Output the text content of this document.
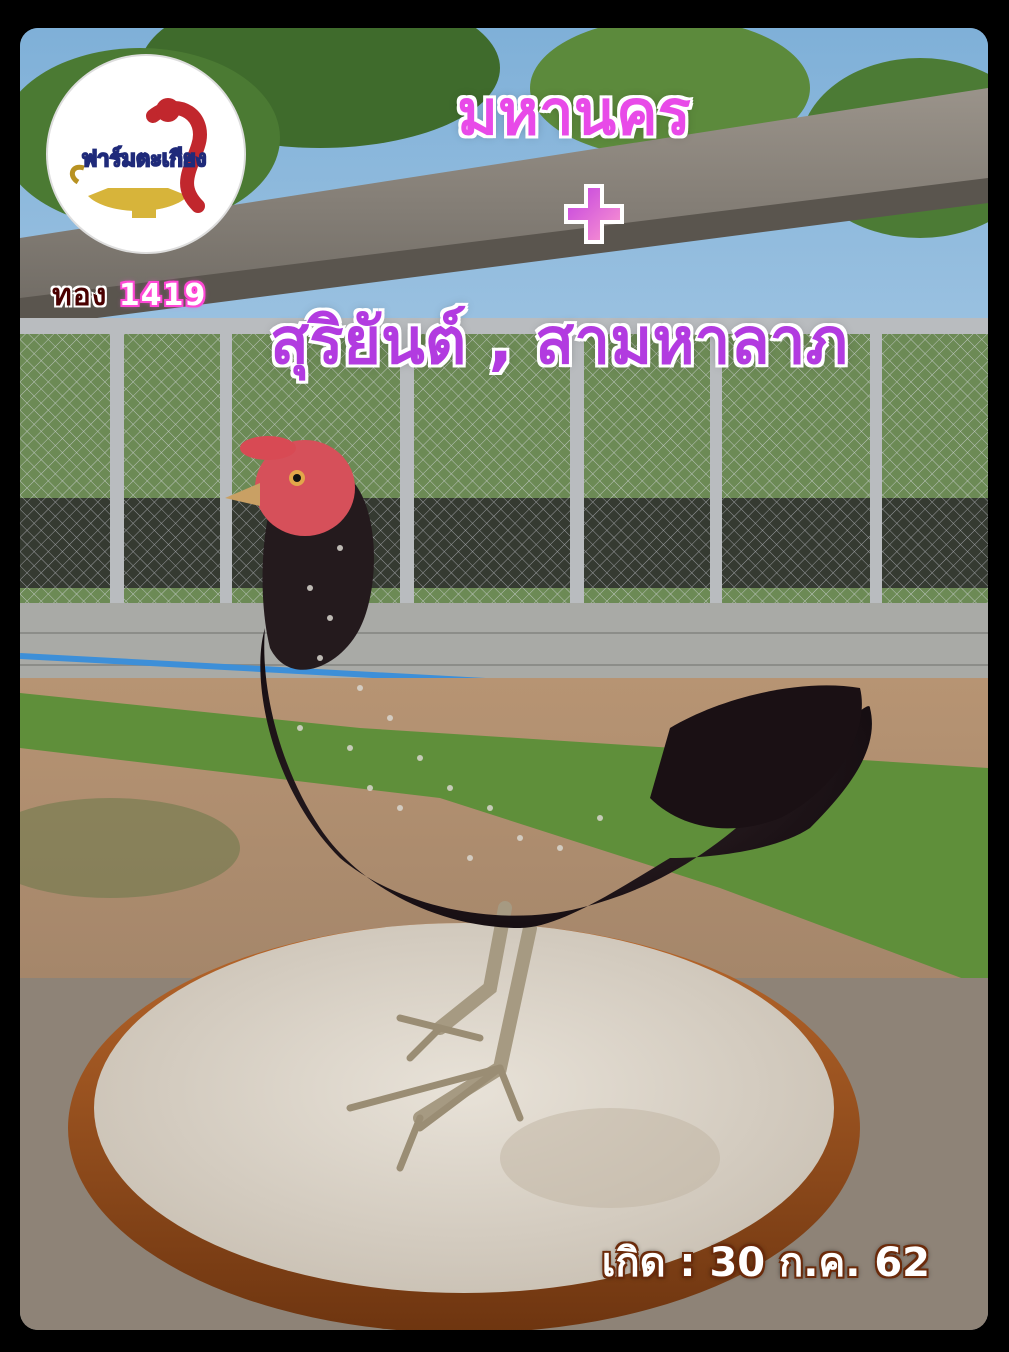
ฟาร์มตะเกียง
ทอง 1419
มหานคร
สุริยันต์ , สามหาลาภ
เกิด : 30 ก.ค. 62
